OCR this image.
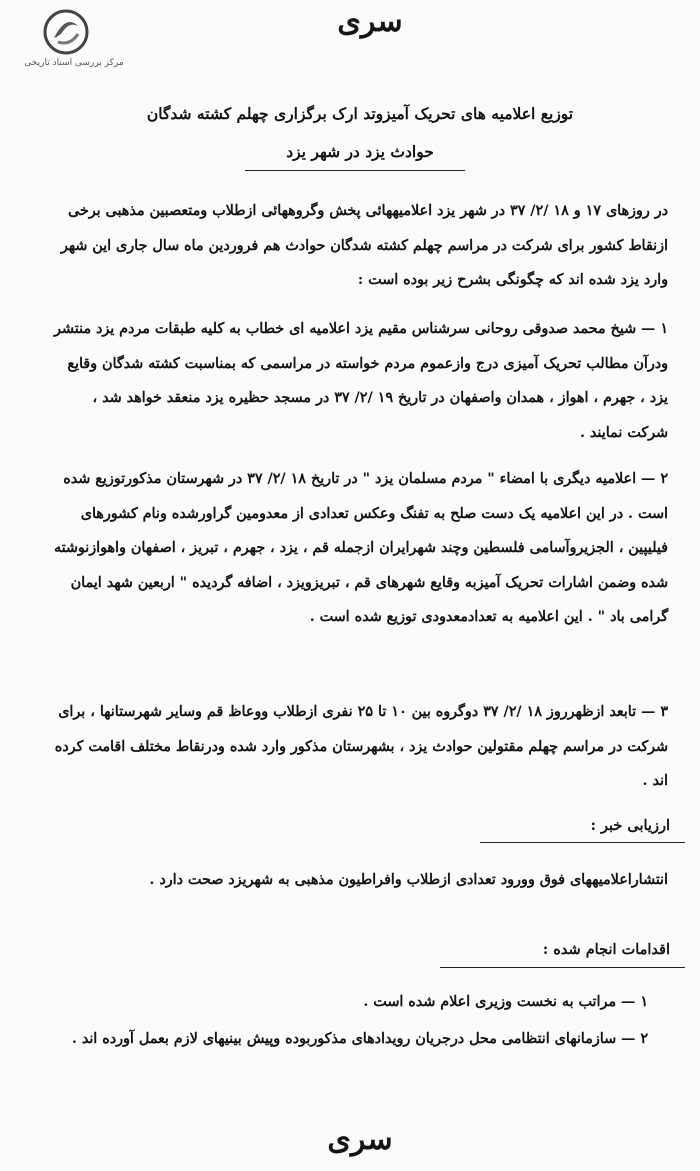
مرکز بررسی اسناد تاریخی
سری
توزیع اعلامیه های تحریک آمیزوتد ارک برگزاری چهلم کشته شدگان
حوادث یزد در شهر یزد
در روزهای ۱۷ و ۱۸ /۲/ ۳۷ در شهر یزد اعلامیههائی پخش وگروههائی ازطلاب ومتعصبین مذهبی برخی ازنقاط کشور برای شرکت در مراسم چهلم کشته شدگان حوادث هم فروردین ماه سال جاری این شهر وارد یزد شده اند که چگونگی بشرح زیر بوده است :
۱ — شیخ محمد صدوقی روحانی سرشناس مقیم یزد اعلامیه ای خطاب به کلیه طبقات مردم یزد منتشر ودرآن مطالب تحریک آمیزی درج وازعموم مردم خواسته در مراسمی که بمناسبت کشته شدگان وقایع یزد ، جهرم ، اهواز ، همدان واصفهان در تاریخ ۱۹ /۲/ ۳۷ در مسجد حظیره یزد منعقد خواهد شد ، شرکت نمایند .
۲ — اعلامیه دیگری با امضاء " مردم مسلمان یزد " در تاریخ ۱۸ /۲/ ۳۷ در شهرستان مذکورتوزیع شده است . در این اعلامیه یک دست صلح به تفنگ وعکس تعدادی از معدومین گراورشده ونام کشورهای فیلیپین ، الجزیروآسامی فلسطین وچند شهرایران ازجمله قم ، یزد ، جهرم ، تبریز ، اصفهان واهوازنوشته شده وضمن اشارات تحریک آمیزبه وقایع شهرهای قم ، تبریزویزد ، اضافه گردیده " اربعین شهد ایمان گرامی باد " . این اعلامیه به تعدادمعدودی توزیع شده است .
۳ — تابعد ازظهرروز ۱۸ /۲/ ۳۷ دوگروه بین ۱۰ تا ۲۵ نفری ازطلاب ووعاظ قم وسایر شهرستانها ، برای شرکت در مراسم چهلم مقتولین حوادث یزد ، بشهرستان مذکور وارد شده ودرنقاط مختلف اقامت کرده اند .
ارزیابی خبر :
انتشاراعلامیههای فوق وورود تعدادی ازطلاب وافراطیون مذهبی به شهریزد صحت دارد .
اقدامات انجام شده :
۱ — مراتب به نخست وزیری اعلام شده است .
۲ — سازمانهای انتظامی محل درجریان رویدادهای مذکوربوده وپیش بینیهای لازم بعمل آورده اند .
سری
